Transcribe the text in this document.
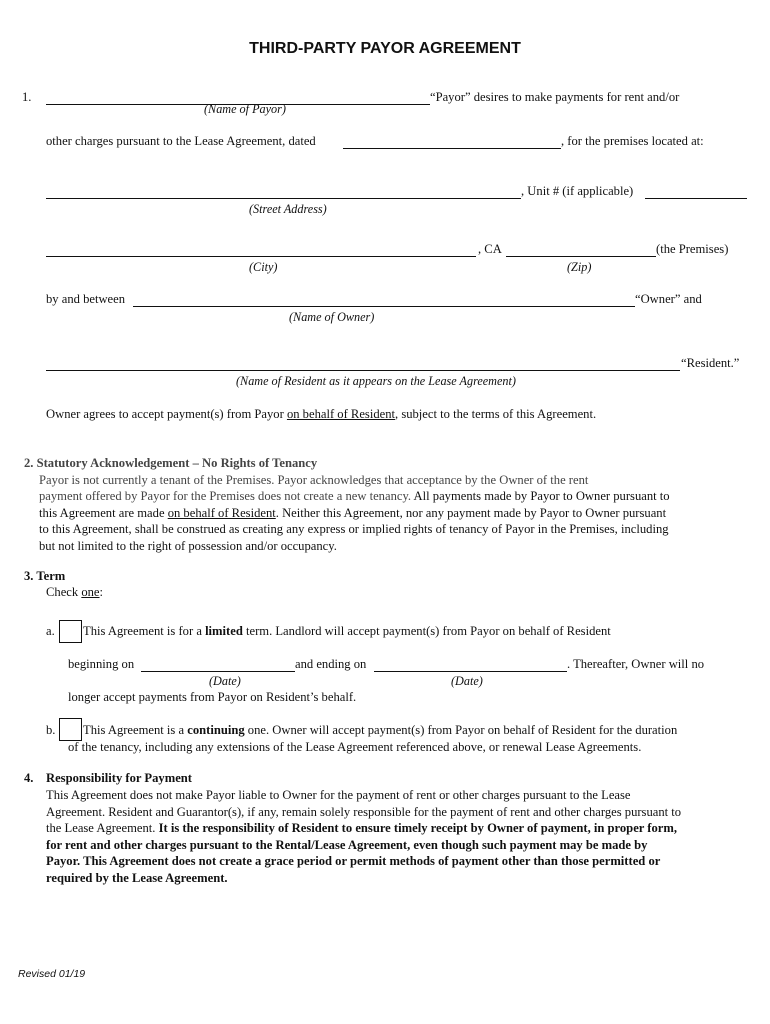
THIRD-PARTY PAYOR AGREEMENT
1.	“Payor” desires to make payments for rent and/or
(Name of Payor)
other charges pursuant to the Lease Agreement, dated	, for the premises located at:
, Unit # (if applicable)
(Street Address)
, CA	(the Premises)
(City)	(Zip)
by and between	“Owner” and
(Name of Owner)
“Resident.”
(Name of Resident as it appears on the Lease Agreement)
Owner agrees to accept payment(s) from Payor on behalf of Resident, subject to the terms of this Agreement.
2. Statutory Acknowledgement – No Rights of Tenancy
Payor is not currently a tenant of the Premises. Payor acknowledges that acceptance by the Owner of the rent
payment offered by Payor for the Premises does not create a new tenancy. All payments made by Payor to Owner pursuant to
this Agreement are made on behalf of Resident. Neither this Agreement, nor any payment made by Payor to Owner pursuant
to this Agreement, shall be construed as creating any express or implied rights of tenancy of Payor in the Premises, including
but not limited to the right of possession and/or occupancy.
3. Term
Check one:
a. This Agreement is for a limited term. Landlord will accept payment(s) from Payor on behalf of Resident
beginning on	and ending on	. Thereafter, Owner will no
(Date)	(Date)
longer accept payments from Payor on Resident’s behalf.
b. This Agreement is a continuing one. Owner will accept payment(s) from Payor on behalf of Resident for the duration
of the tenancy, including any extensions of the Lease Agreement referenced above, or renewal Lease Agreements.
4. Responsibility for Payment
This Agreement does not make Payor liable to Owner for the payment of rent or other charges pursuant to the Lease
Agreement. Resident and Guarantor(s), if any, remain solely responsible for the payment of rent and other charges pursuant to
the Lease Agreement. It is the responsibility of Resident to ensure timely receipt by Owner of payment, in proper form,
for rent and other charges pursuant to the Rental/Lease Agreement, even though such payment may be made by
Payor. This Agreement does not create a grace period or permit methods of payment other than those permitted or
required by the Lease Agreement.
Revised 01/19
